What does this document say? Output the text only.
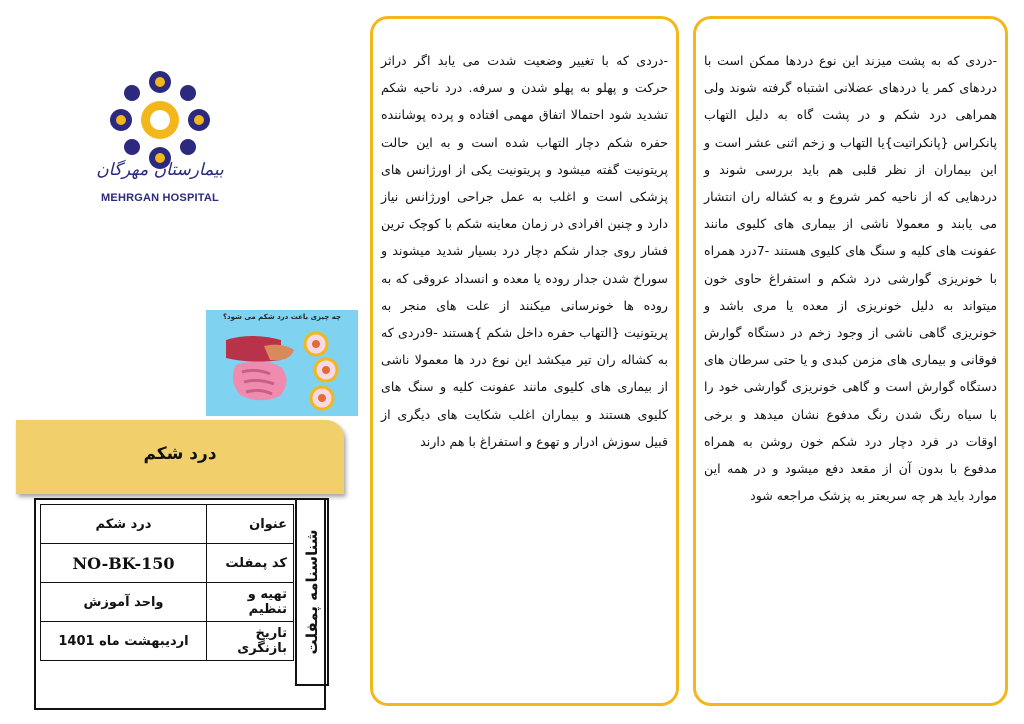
بیمارستان مهرگان
MEHRGAN HOSPITAL
چه چیزی باعث درد شکم می شود؟
درد شکم
شناسنامه پمفلت
عنوان	درد شکم
کد پمفلت	NO-BK-150
تهیه و تنظیم	واحد آموزش
تاریخ بازنگری	اردیبهشت ماه 1401
-دردی که با تغییر وضعیت شدت می یابد اگر دراثر حرکت و پهلو به پهلو شدن و سرفه. درد ناحیه شکم تشدید شود احتمالا اتفاق مهمی افتاده و پرده پوشاننده حفره شکم دچار التهاب شده است و به این حالت پریتونیت گفته میشود و پریتونیت یکی از اورژانس های پزشکی است و اغلب به عمل جراحی اورژانس نیاز دارد و چنین افرادی در زمان معاینه شکم با کوچک ترین فشار روی جدار شکم دچار درد بسیار شدید میشوند و سوراخ شدن جدار روده یا معده و انسداد عروقی که به روده ها خونرسانی میکنند از علت های منجر به پریتونیت {التهاب حفره داخل شکم }هستند -9دردی که به کشاله ران تیر میکشد این نوع درد ها معمولا ناشی از بیماری های کلیوی مانند عفونت کلیه و سنگ های کلیوی هستند و بیماران اغلب شکایت های دیگری از قبیل سوزش ادرار و تهوع و استفراغ با هم دارند
-دردی که به پشت میزند این نوع دردها ممکن است با دردهای کمر یا دردهای عضلانی اشتباه گرفته شوند ولی همراهی درد شکم و در پشت گاه به دلیل التهاب پانکراس {پانکراتیت}یا التهاب و زخم اثنی عشر است و این بیماران از نظر قلبی هم باید بررسی شوند و دردهایی که از ناحیه کمر شروع و به کشاله ران انتشار می یابند و معمولا ناشی از بیماری های کلیوی مانند عفونت های کلیه و سنگ های کلیوی هستند -7درد همراه با خونریزی گوارشی درد شکم و استفراغ حاوی خون میتواند به دلیل خونریزی از معده یا مری باشد و خونریزی گاهی ناشی از وجود زخم در دستگاه گوارش فوقانی و بیماری های مزمن کبدی و یا حتی سرطان های دستگاه گوارش است و گاهی خونریزی گوارشی خود را با سیاه رنگ شدن رنگ مدفوع نشان میدهد و برخی اوقات در فرد دچار درد شکم خون روشن به همراه مدفوع با بدون آن از مقعد دفع میشود و در همه این موارد باید هر چه سریعتر به پزشک مراجعه شود
